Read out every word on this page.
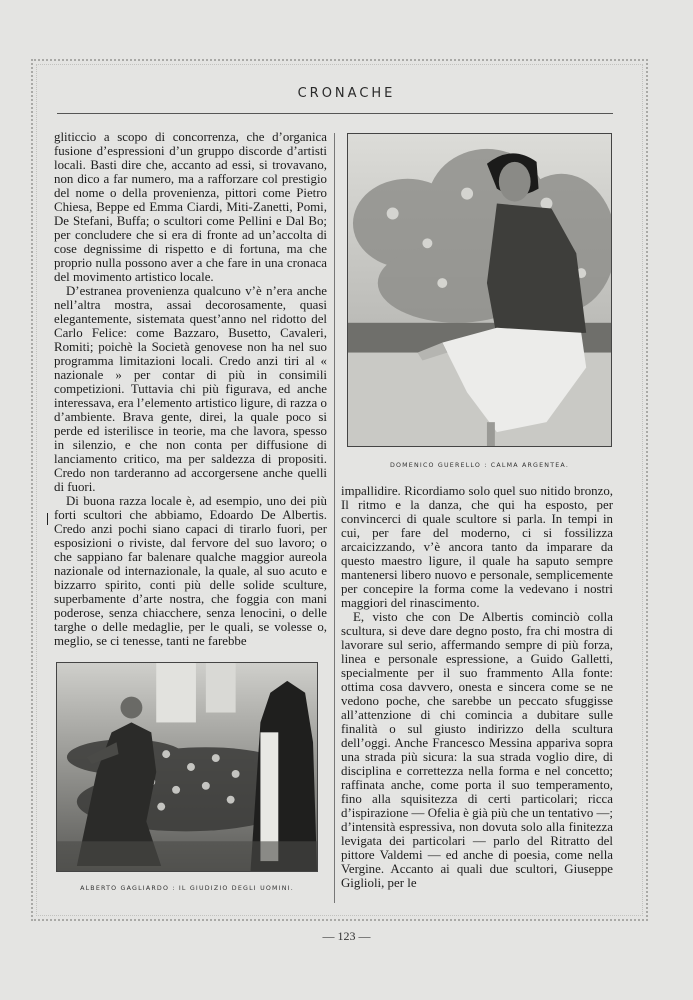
CRONACHE

gliticcio a scopo di concorrenza, che d’organica fusione d’espressioni d’un gruppo discorde d’artisti locali. Basti dire che, accanto ad essi, si trovavano, non dico a far numero, ma a rafforzare col prestigio del nome o della provenienza, pittori come Pietro Chiesa, Beppe ed Emma Ciardi, Miti-Zanetti, Pomi, De Stefani, Buffa; o scultori come Pellini e Dal Bo; per concludere che si era di fronte ad un’accolta di cose degnissime di rispetto e di fortuna, ma che proprio nulla possono aver a che fare in una cronaca del movimento artistico locale.

D’estranea provenienza qualcuno v’è n’era anche nell’altra mostra, assai decorosamente, quasi elegantemente, sistemata quest’anno nel ridotto del Carlo Felice: come Bazzaro, Busetto, Cavaleri, Romiti; poichè la Società genovese non ha nel suo programma limitazioni locali. Credo anzi tiri al « nazionale » per contar di più in consimili competizioni. Tuttavia chi più figurava, ed anche interessava, era l’elemento artistico ligure, di razza o d’ambiente. Brava gente, direi, la quale poco si perde ed isterilisce in teorie, ma che lavora, spesso in silenzio, e che non conta per diffusione di lanciamento critico, ma per saldezza di propositi. Credo non tarderanno ad accorgersene anche quelli di fuori.

Di buona razza locale è, ad esempio, uno dei più forti scultori che abbiamo, Edoardo De Albertis. Credo anzi pochi siano capaci di tirarlo fuori, per esposizioni o riviste, dal fervore del suo lavoro; o che sappiano far balenare qualche maggior aureola nazionale od internazionale, la quale, al suo acuto e bizzarro spirito, conti più delle solide sculture, superbamente d’arte nostra, che foggia con mani poderose, senza chiacchere, senza lenocini, o delle targhe o delle medaglie, per le quali, se volesse o, meglio, se ci tenesse, tanti ne farebbe

ALBERTO GAGLIARDO : IL GIUDIZIO DEGLI UOMINI.
DOMENICO GUERELLO : CALMA ARGENTEA.

impallidire. Ricordiamo solo quel suo nitido bronzo, Il ritmo e la danza, che qui ha esposto, per convincerci di quale scultore si parla. In tempi in cui, per fare del moderno, ci si fossilizza arcaicizzando, v’è ancora tanto da imparare da questo maestro ligure, il quale ha saputo sempre mantenersi libero nuovo e personale, semplicemente per concepire la forma come la vedevano i nostri maggiori del rinascimento.

E, visto che con De Albertis cominciò colla scultura, si deve dare degno posto, fra chi mostra di lavorare sul serio, affermando sempre di più forza, linea e personale espressione, a Guido Galletti, specialmente per il suo frammento Alla fonte: ottima cosa davvero, onesta e sincera come se ne vedono poche, che sarebbe un peccato sfuggisse all’attenzione di chi comincia a dubitare sulle finalità o sul giusto indirizzo della scultura dell’oggi. Anche Francesco Messina appariva sopra una strada più sicura: la sua strada voglio dire, di disciplina e correttezza nella forma e nel concetto; raffinata anche, come porta il suo temperamento, fino alla squisitezza di certi particolari; ricca d’ispirazione — Ofelia è già più che un tentativo —; d’intensità espressiva, non dovuta solo alla finitezza levigata dei particolari — parlo del Ritratto del pittore Valdemi — ed anche di poesia, come nella Vergine. Accanto ai quali due scultori, Giuseppe Giglioli, per le

— 123 —
